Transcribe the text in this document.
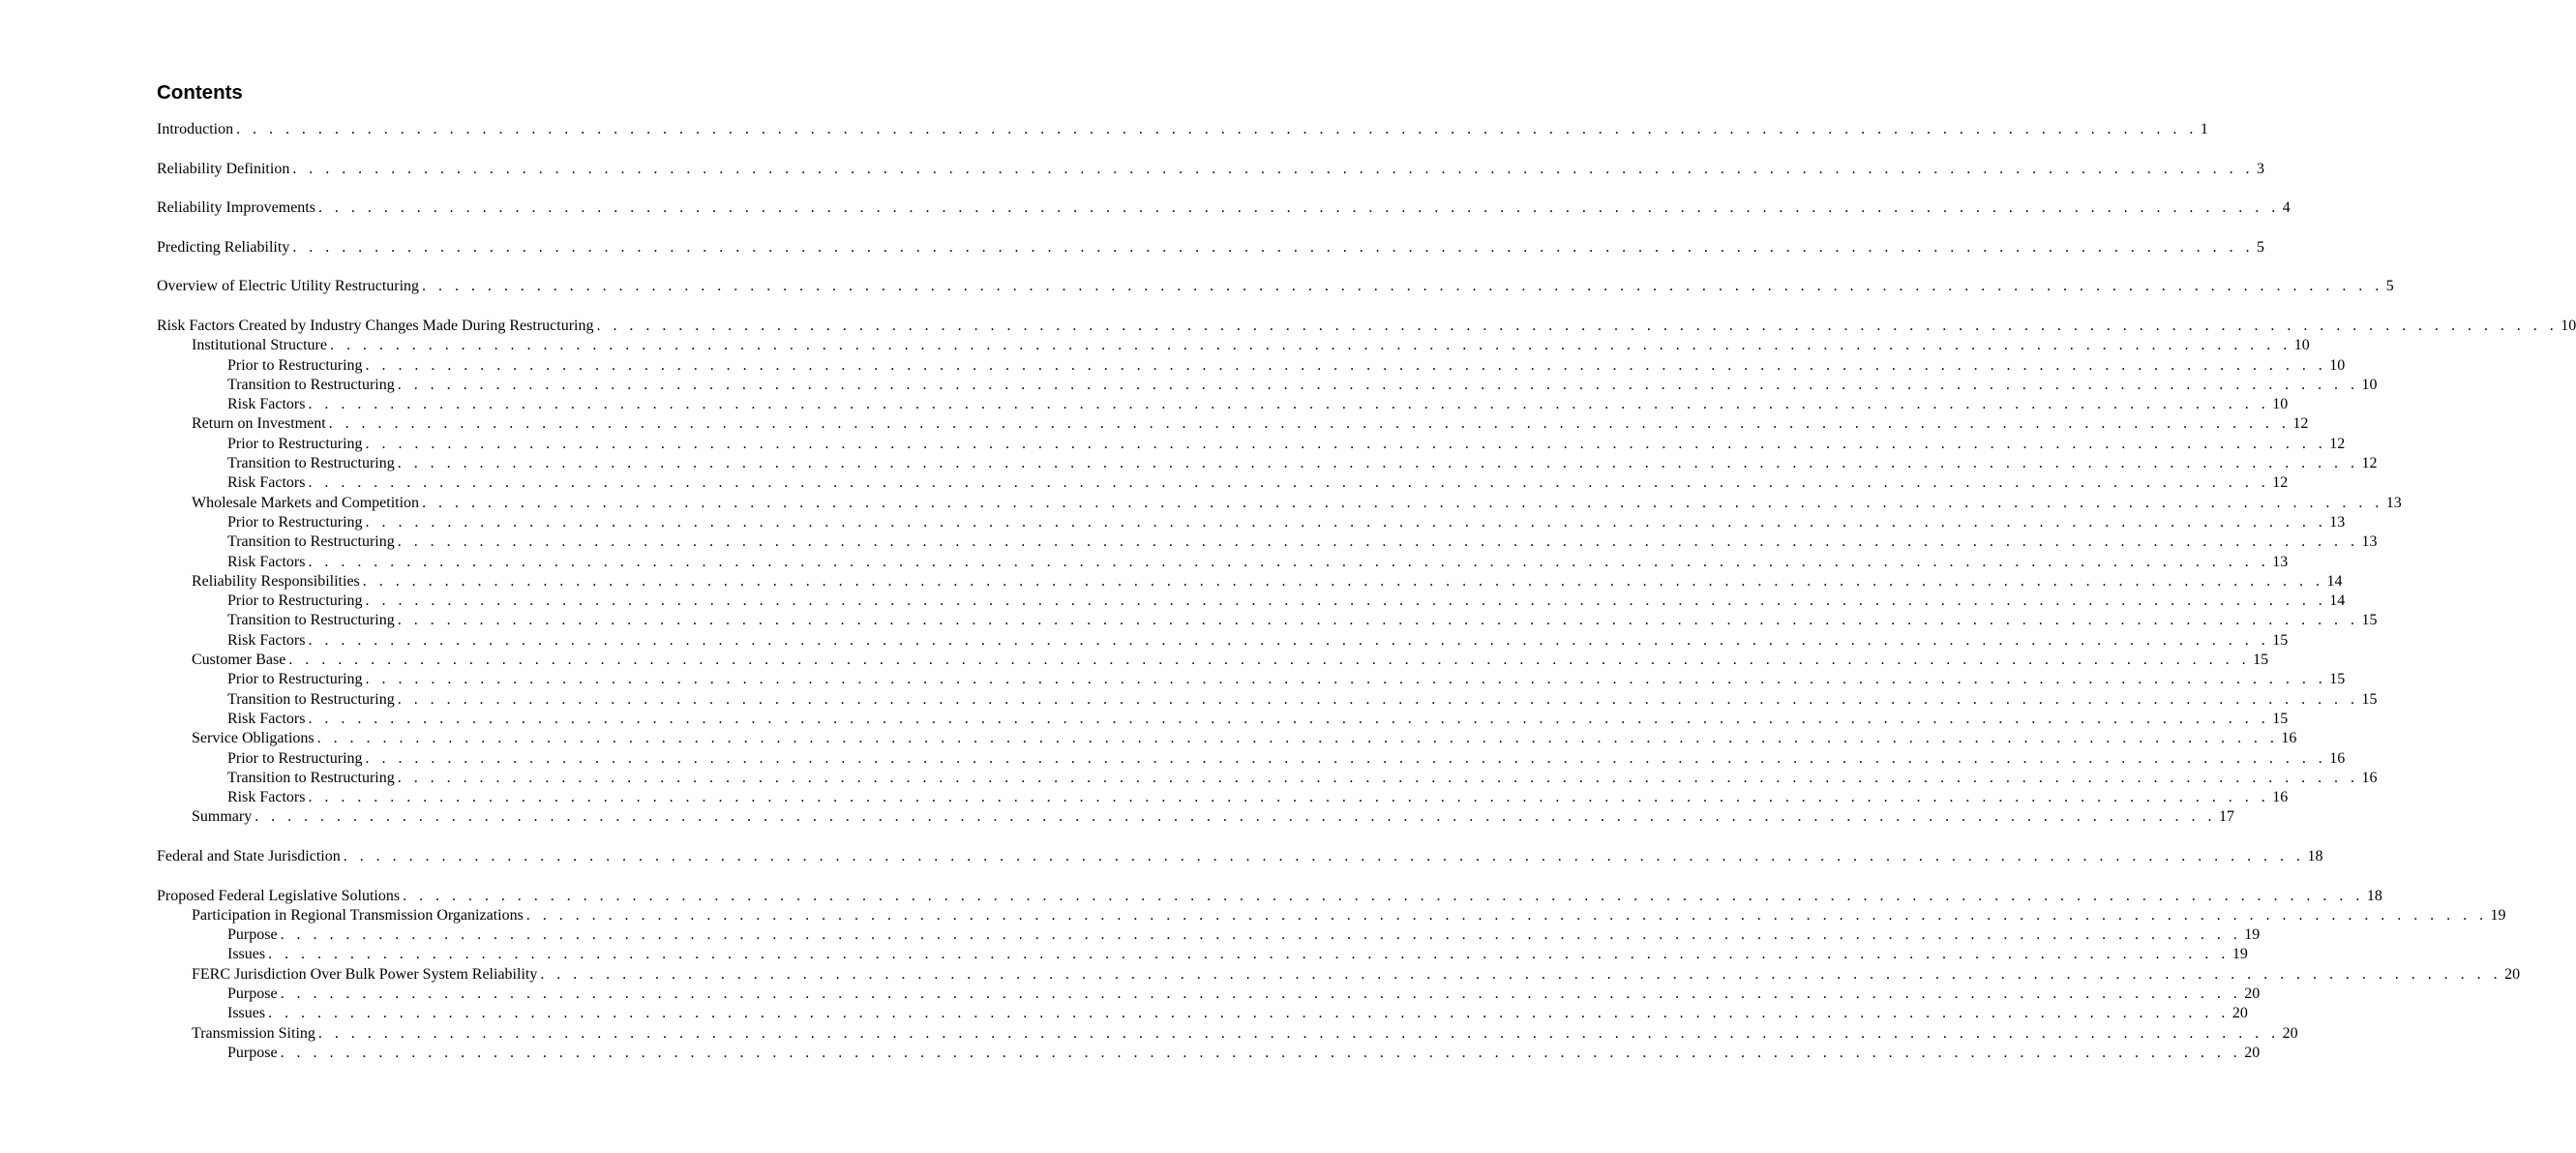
Contents
Introduction . . . . . . . . . . . . . . . . . . . . . . . . . . . . . . . . . . . . . . . . . . . . . . . . . . . . . . . . . . . . . . . . . . . . . . . . . . . . . . . . . . . . . . . . . . . . . . . . . . . . . . . . . . . . . . . . . . . . . . . . 1
Reliability Definition . . . . . . . . . . . . . . . . . . . . . . . . . . . . . . . . . . . . . . . . . . . . . . . . . . . . . . . . . . . . . . . . . . . . . . . . . . . . . . . . . . . . . . . . . . . . . . . . . . . . . . . . . . . . . . . . . . . . . . . . 3
Reliability Improvements . . . . . . . . . . . . . . . . . . . . . . . . . . . . . . . . . . . . . . . . . . . . . . . . . . . . . . . . . . . . . . . . . . . . . . . . . . . . . . . . . . . . . . . . . . . . . . . . . . . . . . . . . . . . . . . . . . . . . . . . 4
Predicting Reliability . . . . . . . . . . . . . . . . . . . . . . . . . . . . . . . . . . . . . . . . . . . . . . . . . . . . . . . . . . . . . . . . . . . . . . . . . . . . . . . . . . . . . . . . . . . . . . . . . . . . . . . . . . . . . . . . . . . . . . . . 5
Overview of Electric Utility Restructuring . . . . . . . . . . . . . . . . . . . . . . . . . . . . . . . . . . . . . . . . . . . . . . . . . . . . . . . . . . . . . . . . . . . . . . . . . . . . . . . . . . . . . . . . . . . . . . . . . . . . . . . . . . . . . . . . . . . . . . . . 5
Risk Factors Created by Industry Changes Made During Restructuring . . . . . . . . . . . . . . . . . . . . . . . . . . . . . . . . . . . . . . . . . . . . . . . . . . . . . . . . . . . . . . . . . . . . . . . . . . . . . . . . . . . . . . . . . . . . . . . . . . . . . . . . . . . . . . . . . . . . . . . . 10
Institutional Structure . . . . . . . . . . . . . . . . . . . . . . . . . . . . . . . . . . . . . . . . . . . . . . . . . . . . . . . . . . . . . . . . . . . . . . . . . . . . . . . . . . . . . . . . . . . . . . . . . . . . . . . . . . . . . . . . . . . . . . . . 10
Prior to Restructuring . . . . . . . . . . . . . . . . . . . . . . . . . . . . . . . . . . . . . . . . . . . . . . . . . . . . . . . . . . . . . . . . . . . . . . . . . . . . . . . . . . . . . . . . . . . . . . . . . . . . . . . . . . . . . . . . . . . . . . . . 10
Transition to Restructuring . . . . . . . . . . . . . . . . . . . . . . . . . . . . . . . . . . . . . . . . . . . . . . . . . . . . . . . . . . . . . . . . . . . . . . . . . . . . . . . . . . . . . . . . . . . . . . . . . . . . . . . . . . . . . . . . . . . . . . . . 10
Risk Factors . . . . . . . . . . . . . . . . . . . . . . . . . . . . . . . . . . . . . . . . . . . . . . . . . . . . . . . . . . . . . . . . . . . . . . . . . . . . . . . . . . . . . . . . . . . . . . . . . . . . . . . . . . . . . . . . . . . . . . . . 10
Return on Investment . . . . . . . . . . . . . . . . . . . . . . . . . . . . . . . . . . . . . . . . . . . . . . . . . . . . . . . . . . . . . . . . . . . . . . . . . . . . . . . . . . . . . . . . . . . . . . . . . . . . . . . . . . . . . . . . . . . . . . . . 12
Prior to Restructuring . . . . . . . . . . . . . . . . . . . . . . . . . . . . . . . . . . . . . . . . . . . . . . . . . . . . . . . . . . . . . . . . . . . . . . . . . . . . . . . . . . . . . . . . . . . . . . . . . . . . . . . . . . . . . . . . . . . . . . . . 12
Transition to Restructuring . . . . . . . . . . . . . . . . . . . . . . . . . . . . . . . . . . . . . . . . . . . . . . . . . . . . . . . . . . . . . . . . . . . . . . . . . . . . . . . . . . . . . . . . . . . . . . . . . . . . . . . . . . . . . . . . . . . . . . . . 12
Risk Factors . . . . . . . . . . . . . . . . . . . . . . . . . . . . . . . . . . . . . . . . . . . . . . . . . . . . . . . . . . . . . . . . . . . . . . . . . . . . . . . . . . . . . . . . . . . . . . . . . . . . . . . . . . . . . . . . . . . . . . . . 12
Wholesale Markets and Competition . . . . . . . . . . . . . . . . . . . . . . . . . . . . . . . . . . . . . . . . . . . . . . . . . . . . . . . . . . . . . . . . . . . . . . . . . . . . . . . . . . . . . . . . . . . . . . . . . . . . . . . . . . . . . . . . . . . . . . . . 13
Prior to Restructuring . . . . . . . . . . . . . . . . . . . . . . . . . . . . . . . . . . . . . . . . . . . . . . . . . . . . . . . . . . . . . . . . . . . . . . . . . . . . . . . . . . . . . . . . . . . . . . . . . . . . . . . . . . . . . . . . . . . . . . . . 13
Transition to Restructuring . . . . . . . . . . . . . . . . . . . . . . . . . . . . . . . . . . . . . . . . . . . . . . . . . . . . . . . . . . . . . . . . . . . . . . . . . . . . . . . . . . . . . . . . . . . . . . . . . . . . . . . . . . . . . . . . . . . . . . . . 13
Risk Factors . . . . . . . . . . . . . . . . . . . . . . . . . . . . . . . . . . . . . . . . . . . . . . . . . . . . . . . . . . . . . . . . . . . . . . . . . . . . . . . . . . . . . . . . . . . . . . . . . . . . . . . . . . . . . . . . . . . . . . . . 13
Reliability Responsibilities . . . . . . . . . . . . . . . . . . . . . . . . . . . . . . . . . . . . . . . . . . . . . . . . . . . . . . . . . . . . . . . . . . . . . . . . . . . . . . . . . . . . . . . . . . . . . . . . . . . . . . . . . . . . . . . . . . . . . . . . 14
Prior to Restructuring . . . . . . . . . . . . . . . . . . . . . . . . . . . . . . . . . . . . . . . . . . . . . . . . . . . . . . . . . . . . . . . . . . . . . . . . . . . . . . . . . . . . . . . . . . . . . . . . . . . . . . . . . . . . . . . . . . . . . . . . 14
Transition to Restructuring . . . . . . . . . . . . . . . . . . . . . . . . . . . . . . . . . . . . . . . . . . . . . . . . . . . . . . . . . . . . . . . . . . . . . . . . . . . . . . . . . . . . . . . . . . . . . . . . . . . . . . . . . . . . . . . . . . . . . . . . 15
Risk Factors . . . . . . . . . . . . . . . . . . . . . . . . . . . . . . . . . . . . . . . . . . . . . . . . . . . . . . . . . . . . . . . . . . . . . . . . . . . . . . . . . . . . . . . . . . . . . . . . . . . . . . . . . . . . . . . . . . . . . . . . 15
Customer Base . . . . . . . . . . . . . . . . . . . . . . . . . . . . . . . . . . . . . . . . . . . . . . . . . . . . . . . . . . . . . . . . . . . . . . . . . . . . . . . . . . . . . . . . . . . . . . . . . . . . . . . . . . . . . . . . . . . . . . . . 15
Prior to Restructuring . . . . . . . . . . . . . . . . . . . . . . . . . . . . . . . . . . . . . . . . . . . . . . . . . . . . . . . . . . . . . . . . . . . . . . . . . . . . . . . . . . . . . . . . . . . . . . . . . . . . . . . . . . . . . . . . . . . . . . . . 15
Transition to Restructuring . . . . . . . . . . . . . . . . . . . . . . . . . . . . . . . . . . . . . . . . . . . . . . . . . . . . . . . . . . . . . . . . . . . . . . . . . . . . . . . . . . . . . . . . . . . . . . . . . . . . . . . . . . . . . . . . . . . . . . . . 15
Risk Factors . . . . . . . . . . . . . . . . . . . . . . . . . . . . . . . . . . . . . . . . . . . . . . . . . . . . . . . . . . . . . . . . . . . . . . . . . . . . . . . . . . . . . . . . . . . . . . . . . . . . . . . . . . . . . . . . . . . . . . . . 15
Service Obligations . . . . . . . . . . . . . . . . . . . . . . . . . . . . . . . . . . . . . . . . . . . . . . . . . . . . . . . . . . . . . . . . . . . . . . . . . . . . . . . . . . . . . . . . . . . . . . . . . . . . . . . . . . . . . . . . . . . . . . . . 16
Prior to Restructuring . . . . . . . . . . . . . . . . . . . . . . . . . . . . . . . . . . . . . . . . . . . . . . . . . . . . . . . . . . . . . . . . . . . . . . . . . . . . . . . . . . . . . . . . . . . . . . . . . . . . . . . . . . . . . . . . . . . . . . . . 16
Transition to Restructuring . . . . . . . . . . . . . . . . . . . . . . . . . . . . . . . . . . . . . . . . . . . . . . . . . . . . . . . . . . . . . . . . . . . . . . . . . . . . . . . . . . . . . . . . . . . . . . . . . . . . . . . . . . . . . . . . . . . . . . . . 16
Risk Factors . . . . . . . . . . . . . . . . . . . . . . . . . . . . . . . . . . . . . . . . . . . . . . . . . . . . . . . . . . . . . . . . . . . . . . . . . . . . . . . . . . . . . . . . . . . . . . . . . . . . . . . . . . . . . . . . . . . . . . . . 16
Summary . . . . . . . . . . . . . . . . . . . . . . . . . . . . . . . . . . . . . . . . . . . . . . . . . . . . . . . . . . . . . . . . . . . . . . . . . . . . . . . . . . . . . . . . . . . . . . . . . . . . . . . . . . . . . . . . . . . . . . . . 17
Federal and State Jurisdiction . . . . . . . . . . . . . . . . . . . . . . . . . . . . . . . . . . . . . . . . . . . . . . . . . . . . . . . . . . . . . . . . . . . . . . . . . . . . . . . . . . . . . . . . . . . . . . . . . . . . . . . . . . . . . . . . . . . . . . . . 18
Proposed Federal Legislative Solutions . . . . . . . . . . . . . . . . . . . . . . . . . . . . . . . . . . . . . . . . . . . . . . . . . . . . . . . . . . . . . . . . . . . . . . . . . . . . . . . . . . . . . . . . . . . . . . . . . . . . . . . . . . . . . . . . . . . . . . . . 18
Participation in Regional Transmission Organizations . . . . . . . . . . . . . . . . . . . . . . . . . . . . . . . . . . . . . . . . . . . . . . . . . . . . . . . . . . . . . . . . . . . . . . . . . . . . . . . . . . . . . . . . . . . . . . . . . . . . . . . . . . . . . . . . . . . . . . . . 19
Purpose . . . . . . . . . . . . . . . . . . . . . . . . . . . . . . . . . . . . . . . . . . . . . . . . . . . . . . . . . . . . . . . . . . . . . . . . . . . . . . . . . . . . . . . . . . . . . . . . . . . . . . . . . . . . . . . . . . . . . . . . 19
Issues . . . . . . . . . . . . . . . . . . . . . . . . . . . . . . . . . . . . . . . . . . . . . . . . . . . . . . . . . . . . . . . . . . . . . . . . . . . . . . . . . . . . . . . . . . . . . . . . . . . . . . . . . . . . . . . . . . . . . . . . 19
FERC Jurisdiction Over Bulk Power System Reliability . . . . . . . . . . . . . . . . . . . . . . . . . . . . . . . . . . . . . . . . . . . . . . . . . . . . . . . . . . . . . . . . . . . . . . . . . . . . . . . . . . . . . . . . . . . . . . . . . . . . . . . . . . . . . . . . . . . . . . . . 20
Purpose . . . . . . . . . . . . . . . . . . . . . . . . . . . . . . . . . . . . . . . . . . . . . . . . . . . . . . . . . . . . . . . . . . . . . . . . . . . . . . . . . . . . . . . . . . . . . . . . . . . . . . . . . . . . . . . . . . . . . . . . 20
Issues . . . . . . . . . . . . . . . . . . . . . . . . . . . . . . . . . . . . . . . . . . . . . . . . . . . . . . . . . . . . . . . . . . . . . . . . . . . . . . . . . . . . . . . . . . . . . . . . . . . . . . . . . . . . . . . . . . . . . . . . 20
Transmission Siting . . . . . . . . . . . . . . . . . . . . . . . . . . . . . . . . . . . . . . . . . . . . . . . . . . . . . . . . . . . . . . . . . . . . . . . . . . . . . . . . . . . . . . . . . . . . . . . . . . . . . . . . . . . . . . . . . . . . . . . . 20
Purpose . . . . . . . . . . . . . . . . . . . . . . . . . . . . . . . . . . . . . . . . . . . . . . . . . . . . . . . . . . . . . . . . . . . . . . . . . . . . . . . . . . . . . . . . . . . . . . . . . . . . . . . . . . . . . . . . . . . . . . . . 20
